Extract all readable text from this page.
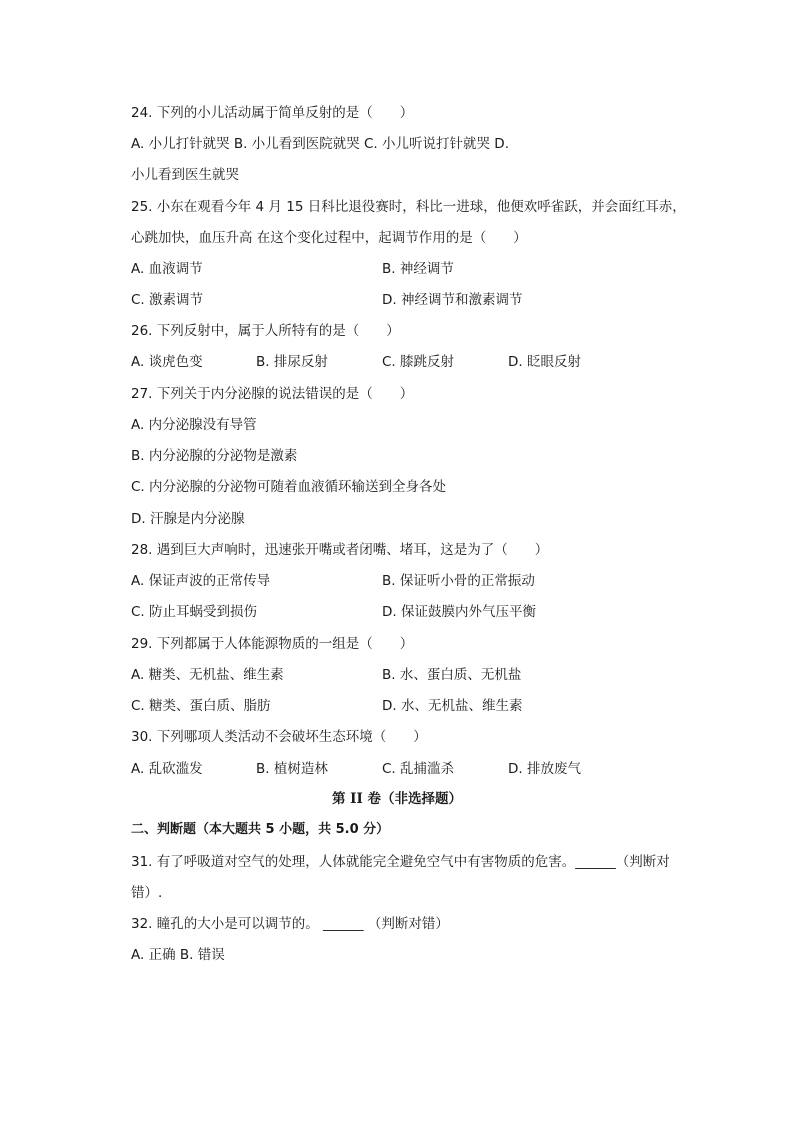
24. 下列的小儿活动属于简单反射的是（　　）
A. 小儿打针就哭 B. 小儿看到医院就哭 C. 小儿听说打针就哭 D.
小儿看到医生就哭
25. 小东在观看今年 4 月 15 日科比退役赛时，科比一进球，他便欢呼雀跃，并会面红耳赤，
心跳加快，血压升高 在这个变化过程中，起调节作用的是（　　）
A. 血液调节	B. 神经调节
C. 激素调节	D. 神经调节和激素调节
26. 下列反射中，属于人所特有的是（　　）
A. 谈虎色变	B. 排尿反射	C. 膝跳反射	D. 眨眼反射
27. 下列关于内分泌腺的说法错误的是（　　）
A. 内分泌腺没有导管
B. 内分泌腺的分泌物是激素
C. 内分泌腺的分泌物可随着血液循环输送到全身各处
D. 汗腺是内分泌腺
28. 遇到巨大声响时，迅速张开嘴或者闭嘴、堵耳，这是为了（　　）
A. 保证声波的正常传导	B. 保证听小骨的正常振动
C. 防止耳蜗受到损伤	D. 保证鼓膜内外气压平衡
29. 下列都属于人体能源物质的一组是（　　）
A. 糖类、无机盐、维生素	B. 水、蛋白质、无机盐
C. 糖类、蛋白质、脂肪	D. 水、无机盐、维生素
30. 下列哪项人类活动不会破坏生态环境（　　）
A. 乱砍滥发	B. 植树造林	C. 乱捕滥杀	D. 排放废气
第 II 卷（非选择题）
二、判断题（本大题共 5 小题，共 5.0 分）
31. 有了呼吸道对空气的处理，人体就能完全避免空气中有害物质的危害。______（判断对
错）.
32. 瞳孔的大小是可以调节的。 ______ （判断对错）
A. 正确 B. 错误
